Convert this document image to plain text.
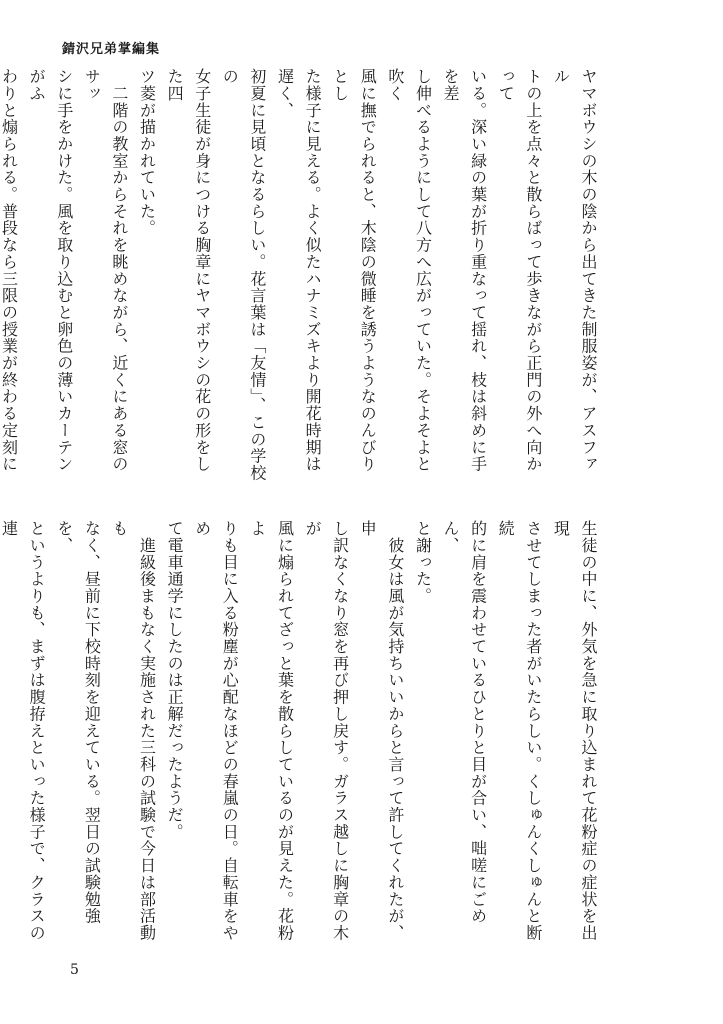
錆沢兄弟掌編集

ヤマボウシの木の陰から出てきた制服姿が、アスファル

トの上を点々と散らばって歩きながら正門の外へ向かって

いる。深い緑の葉が折り重なって揺れ、枝は斜めに手を差

し伸べるようにして八方へ広がっていた。そよそよと吹く

風に撫でられると、木陰の微睡を誘うようなのんびりとし

た様子に見える。よく似たハナミズキより開花時期は遅く、

初夏に見頃となるらしい。花言葉は「友情」、この学校の

女子生徒が身につける胸章にヤマボウシの花の形をした四

ツ菱が描かれていた。

　二階の教室からそれを眺めながら、近くにある窓のサッ

シに手をかけた。風を取り込むと卵色の薄いカーテンがふ

わりと煽られる。普段なら三限の授業が終わる定刻に

生徒の中に、外気を急に取り込まれて花粉症の症状を出現

させてしまった者がいたらしい。くしゅんくしゅんと断続

的に肩を震わせているひとりと目が合い、咄嗟にごめん、

と謝った。

　彼女は風が気持ちいいからと言って許してくれたが、申

し訳なくなり窓を再び押し戻す。ガラス越しに胸章の木が

風に煽られてざっと葉を散らしているのが見えた。花粉よ

りも目に入る粉塵が心配なほどの春嵐の日。自転車をやめ

て電車通学にしたのは正解だったようだ。

　進級後まもなく実施された三科の試験で今日は部活動も

なく、昼前に下校時刻を迎えている。翌日の試験勉強を、

というよりも、まずは腹拵えといった様子で、クラスの連

5
